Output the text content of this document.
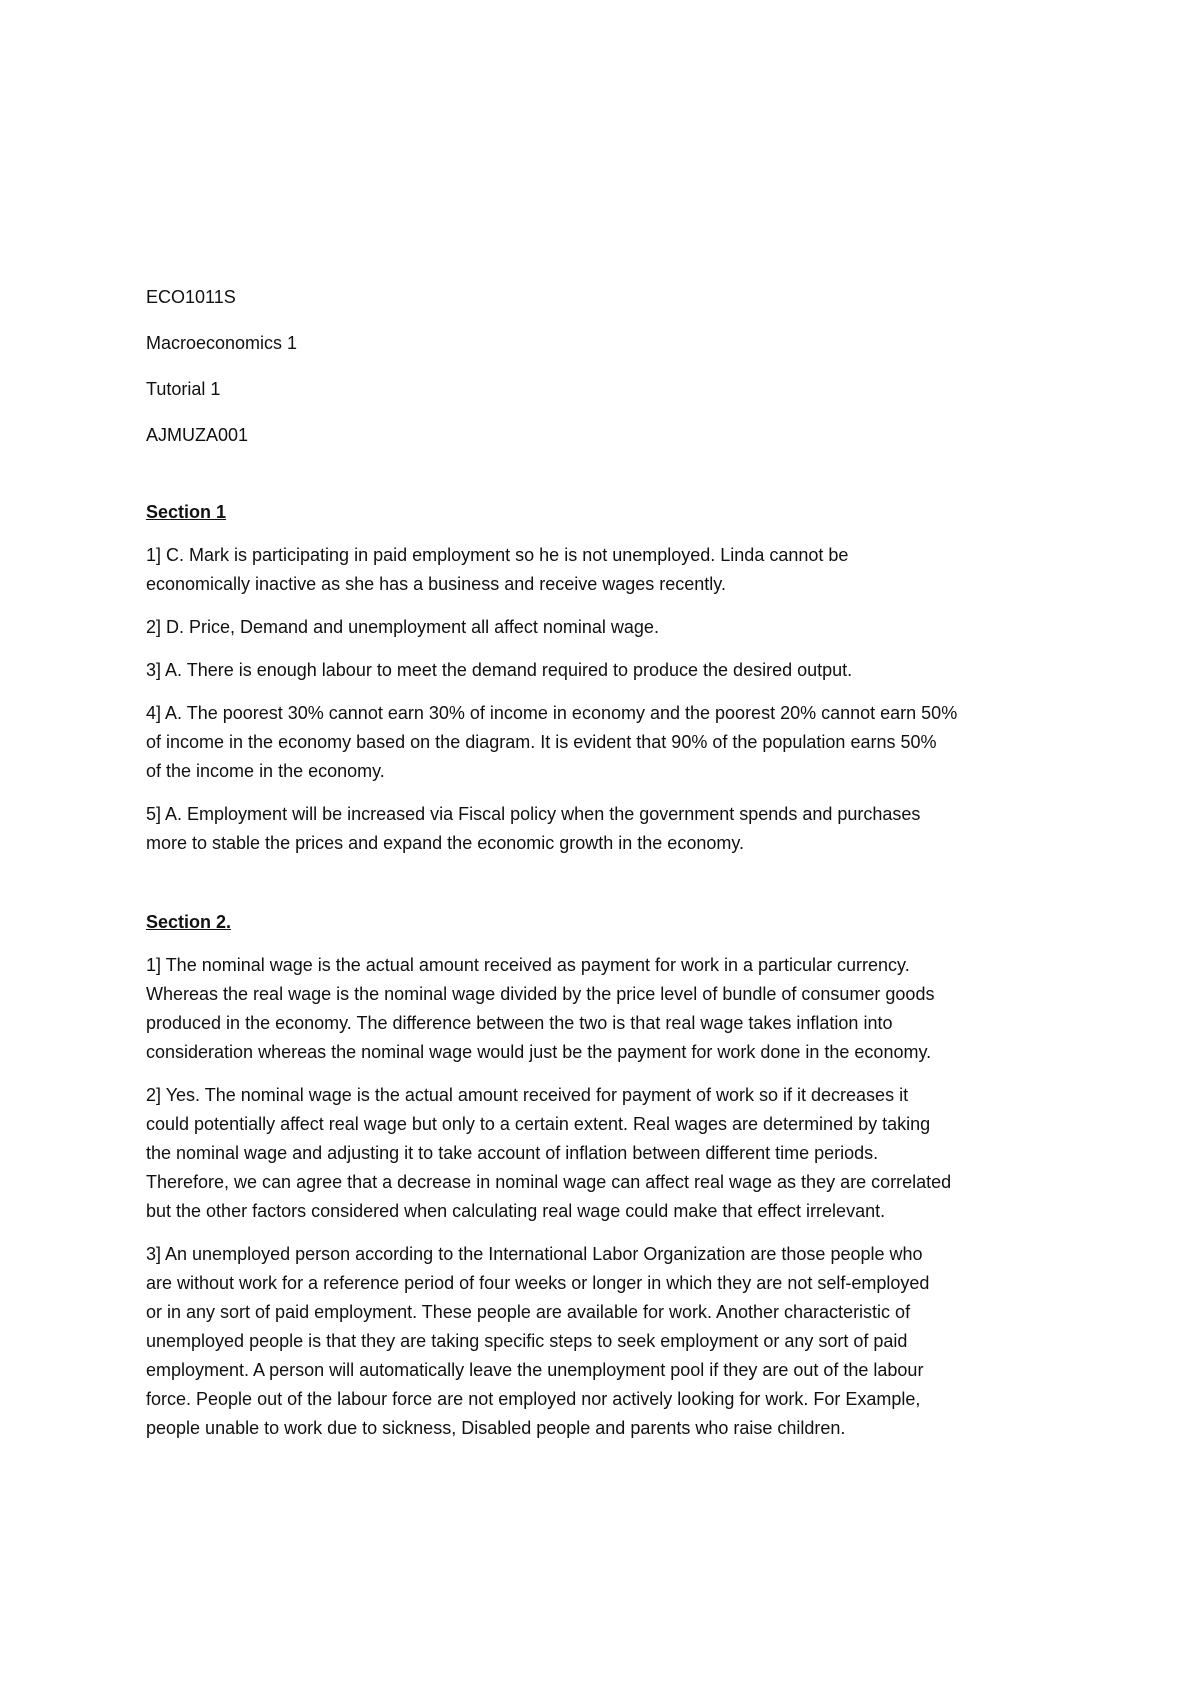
ECO1011S
Macroeconomics 1
Tutorial 1
AJMUZA001
Section 1
1] C. Mark is participating in paid employment so he is not unemployed. Linda cannot be
economically inactive as she has a business and receive wages recently.
2] D. Price, Demand and unemployment all affect nominal wage.
3] A. There is enough labour to meet the demand required to produce the desired output.
4] A. The poorest 30% cannot earn 30% of income in economy and the poorest 20% cannot earn 50%
of income in the economy based on the diagram. It is evident that 90% of the population earns 50%
of the income in the economy.
5] A. Employment will be increased via Fiscal policy when the government spends and purchases
more to stable the prices and expand the economic growth in the economy.
Section 2.
1] The nominal wage is the actual amount received as payment for work in a particular currency.
Whereas the real wage is the nominal wage divided by the price level of bundle of consumer goods
produced in the economy. The difference between the two is that real wage takes inflation into
consideration whereas the nominal wage would just be the payment for work done in the economy.
2] Yes. The nominal wage is the actual amount received for payment of work so if it decreases it
could potentially affect real wage but only to a certain extent. Real wages are determined by taking
the nominal wage and adjusting it to take account of inflation between different time periods.
Therefore, we can agree that a decrease in nominal wage can affect real wage as they are correlated
but the other factors considered when calculating real wage could make that effect irrelevant.
3] An unemployed person according to the International Labor Organization are those people who
are without work for a reference period of four weeks or longer in which they are not self-employed
or in any sort of paid employment. These people are available for work. Another characteristic of
unemployed people is that they are taking specific steps to seek employment or any sort of paid
employment. A person will automatically leave the unemployment pool if they are out of the labour
force. People out of the labour force are not employed nor actively looking for work. For Example,
people unable to work due to sickness, Disabled people and parents who raise children.
